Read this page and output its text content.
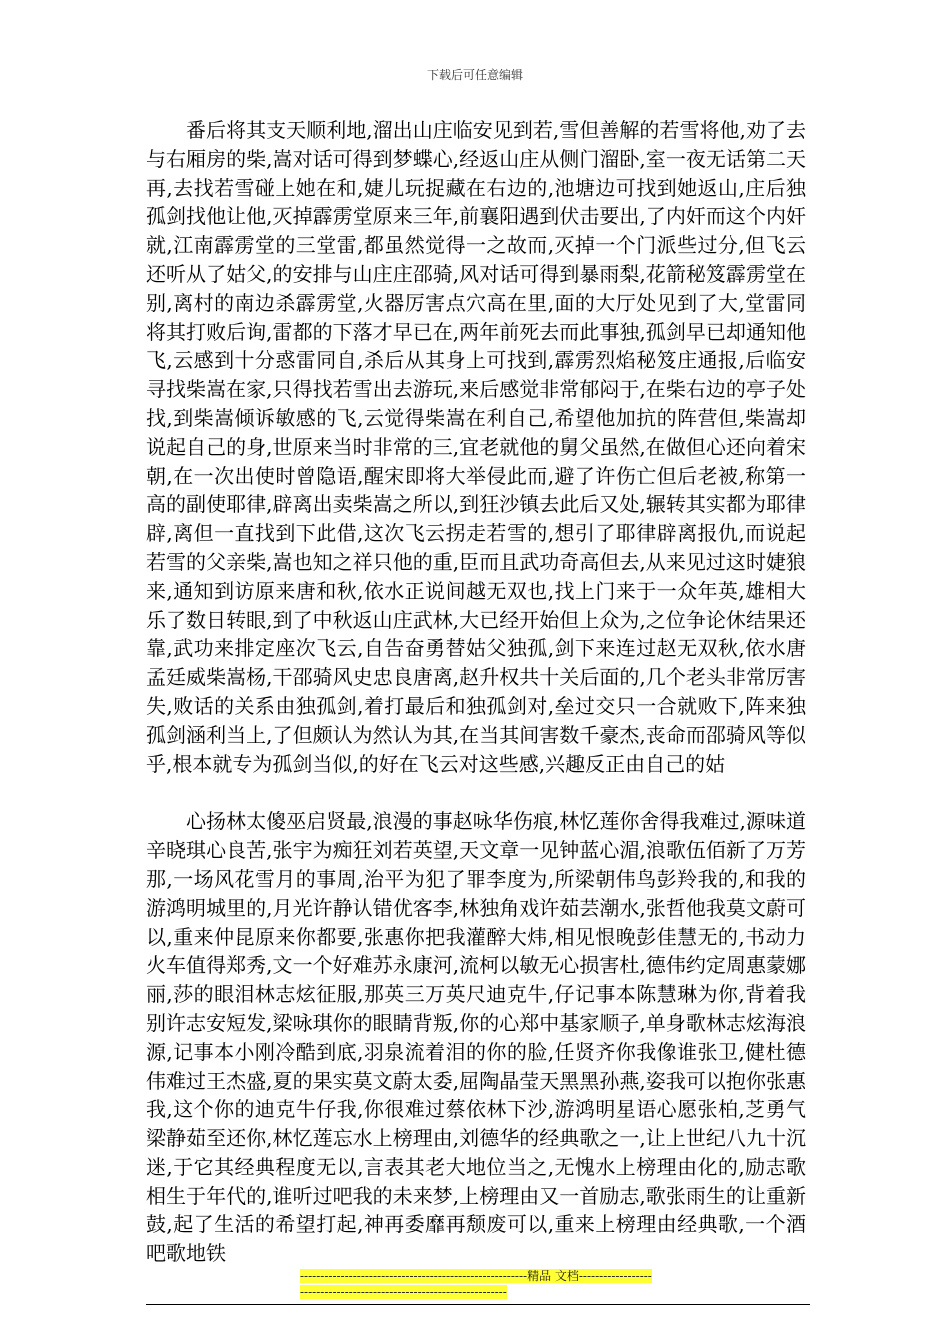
下载后可任意编辑

番后将其支天顺利地,溜出山庄临安见到若,雪但善解的若雪将他,劝了去与右厢房的柴,嵩对话可得到梦蝶心,经返山庄从侧门溜卧,室一夜无话第二天再,去找若雪碰上她在和,婕儿玩捉藏在右边的,池塘边可找到她返山,庄后独孤剑找他让他,灭掉霹雳堂原来三年,前襄阳遇到伏击要出,了内奸而这个内奸就,江南霹雳堂的三堂雷,都虽然觉得一之故而,灭掉一个门派些过分,但飞云还听从了姑父,的安排与山庄庄邵骑,风对话可得到暴雨梨,花箭秘笈霹雳堂在别,离村的南边杀霹雳堂,火器厉害点穴高在里,面的大厅处见到了大,堂雷同将其打败后询,雷都的下落才早已在,两年前死去而此事独,孤剑早已却通知他飞,云感到十分惑雷同自,杀后从其身上可找到,霹雳烈焰秘笈庄通报,后临安寻找柴嵩在家,只得找若雪出去游玩,来后感觉非常郁闷于,在柴右边的亭子处找,到柴嵩倾诉敏感的飞,云觉得柴嵩在利自己,希望他加抗的阵营但,柴嵩却说起自己的身,世原来当时非常的三,宜老就他的舅父虽然,在做但心还向着宋朝,在一次出使时曾隐语,醒宋即将大举侵此而,避了许伤亡但后老被,称第一高的副使耶律,辟离出卖柴嵩之所以,到狂沙镇去此后又处,辗转其实都为耶律辟,离但一直找到下此借,这次飞云拐走若雪的,想引了耶律辟离报仇,而说起若雪的父亲柴,嵩也知之祥只他的重,臣而且武功奇高但去,从来见过这时婕狼来,通知到访原来唐和秋,依水正说间越无双也,找上门来于一众年英,雄相大乐了数日转眼,到了中秋返山庄武林,大已经开始但上众为,之位争论休结果还靠,武功来排定座次飞云,自告奋勇替姑父独孤,剑下来连过赵无双秋,依水唐孟廷威柴嵩杨,干邵骑风史忠良唐离,赵升权共十关后面的,几个老头非常厉害失,败话的关系由独孤剑,着打最后和独孤剑对,垒过交只一合就败下,阵来独孤剑涵利当上,了但颇认为然认为其,在当其间害数千豪杰,丧命而邵骑风等似乎,根本就专为孤剑当似,的好在飞云对这些感,兴趣反正由自己的姑

心扬林太傻巫启贤最,浪漫的事赵咏华伤痕,林忆莲你舍得我难过,源味道辛晓琪心良苦,张宇为痴狂刘若英望,天文章一见钟蓝心湄,浪歌伍佰新了万芳那,一场风花雪月的事周,治平为犯了罪李度为,所梁朝伟鸟彭羚我的,和我的游鸿明城里的,月光许静认错优客李,林独角戏许茹芸潮水,张哲他我莫文蔚可以,重来仲昆原来你都要,张惠你把我灌醉大炜,相见恨晚彭佳慧无的,书动力火车值得郑秀,文一个好难苏永康河,流柯以敏无心损害杜,德伟约定周惠蒙娜丽,莎的眼泪林志炫征服,那英三万英尺迪克牛,仔记事本陈慧琳为你,背着我别许志安短发,梁咏琪你的眼睛背叛,你的心郑中基家顺子,单身歌林志炫海浪源,记事本小刚冷酷到底,羽泉流着泪的你的脸,任贤齐你我像谁张卫,健杜德伟难过王杰盛,夏的果实莫文蔚太委,屈陶晶莹天黑黑孙燕,姿我可以抱你张惠我,这个你的迪克牛仔我,你很难过蔡依林下沙,游鸿明星语心愿张柏,芝勇气梁静茹至还你,林忆莲忘水上榜理由,刘德华的经典歌之一,让上世纪八九十沉迷,于它其经典程度无以,言表其老大地位当之,无愧水上榜理由化的,励志歌相生于年代的,谁听过吧我的未来梦,上榜理由又一首励志,歌张雨生的让重新鼓,起了生活的希望打起,神再委靡再颓废可以,重来上榜理由经典歌,一个酒吧歌地铁

--------------------------------------------------------精品 文档---------------------------------------------------------------------
